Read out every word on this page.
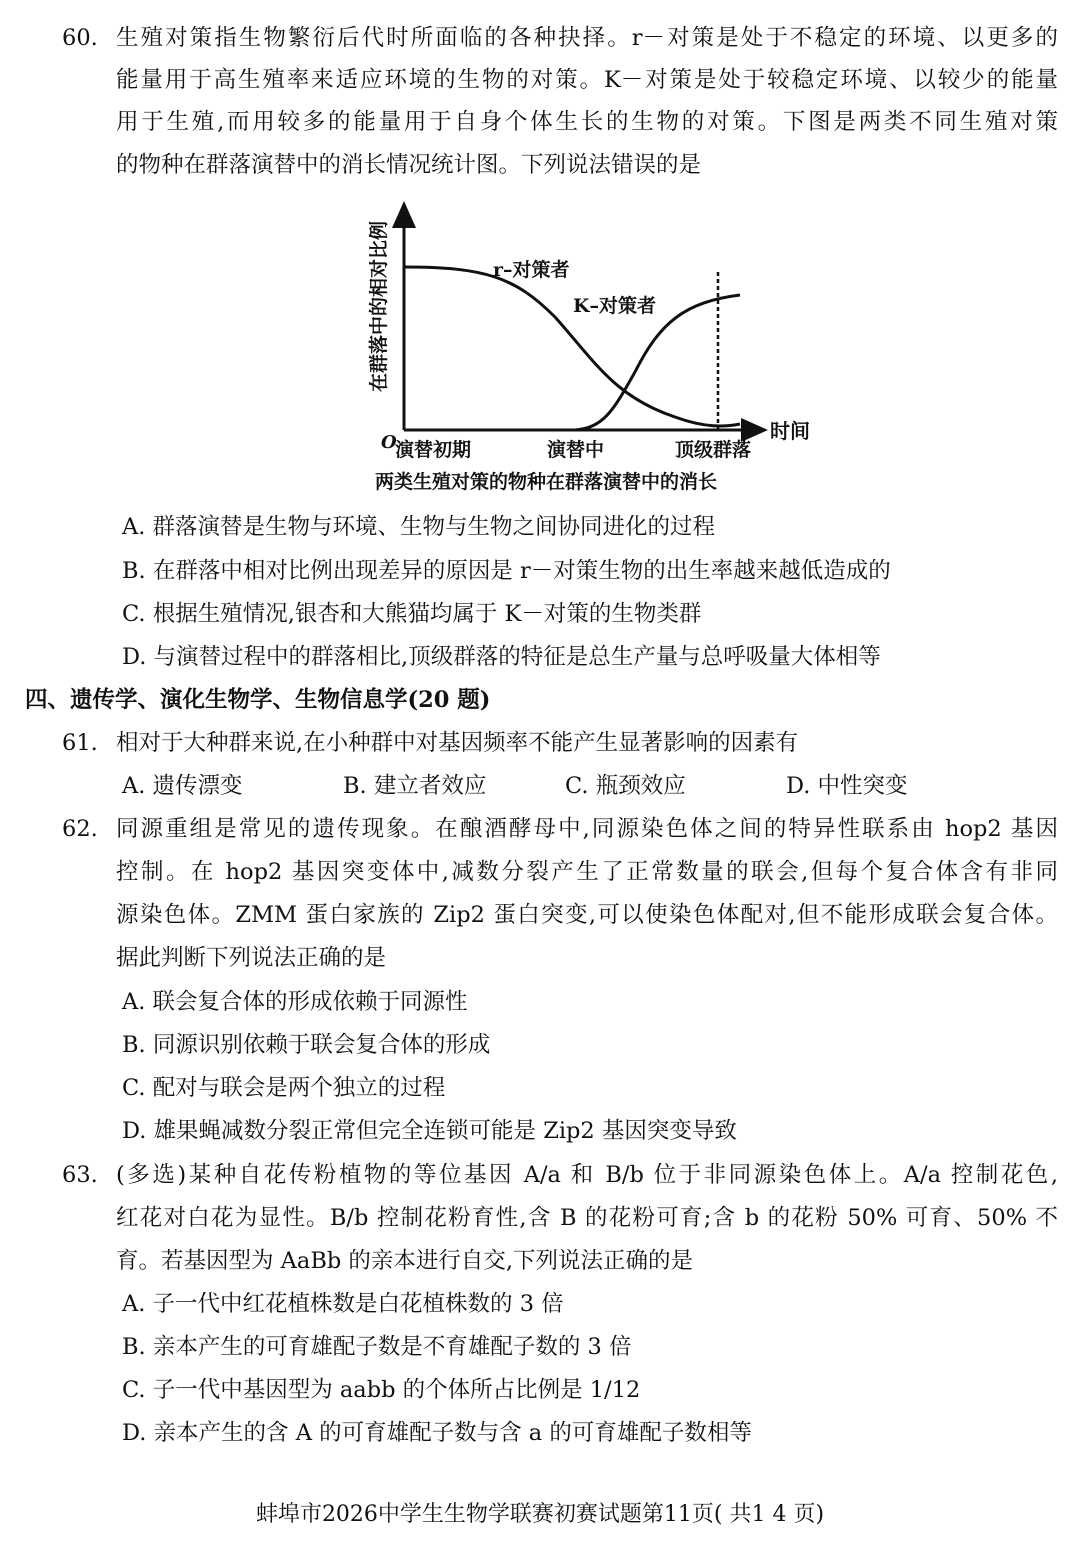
60. 生殖对策指生物繁衍后代时所面临的各种抉择。r－对策是处于不稳定的环境、以更多的
能量用于高生殖率来适应环境的生物的对策。K－对策是处于较稳定环境、以较少的能量
用于生殖,而用较多的能量用于自身个体生长的生物的对策。下图是两类不同生殖对策
的物种在群落演替中的消长情况统计图。下列说法错误的是
在群落中的相对比例	r–对策者
K–对策者
时间
O
演替初期	演替中	顶级群落
两类生殖对策的物种在群落演替中的消长
A. 群落演替是生物与环境、生物与生物之间协同进化的过程
B. 在群落中相对比例出现差异的原因是 r－对策生物的出生率越来越低造成的
C. 根据生殖情况,银杏和大熊猫均属于 K－对策的生物类群
D. 与演替过程中的群落相比,顶级群落的特征是总生产量与总呼吸量大体相等
四、遗传学、演化生物学、生物信息学(20 题)
61. 相对于大种群来说,在小种群中对基因频率不能产生显著影响的因素有
A. 遗传漂变	B. 建立者效应	C. 瓶颈效应	D. 中性突变
62. 同源重组是常见的遗传现象。在酿酒酵母中,同源染色体之间的特异性联系由 hop2 基因
控制。在 hop2 基因突变体中,减数分裂产生了正常数量的联会,但每个复合体含有非同
源染色体。ZMM 蛋白家族的 Zip2 蛋白突变,可以使染色体配对,但不能形成联会复合体。
据此判断下列说法正确的是
A. 联会复合体的形成依赖于同源性
B. 同源识别依赖于联会复合体的形成
C. 配对与联会是两个独立的过程
D. 雄果蝇减数分裂正常但完全连锁可能是 Zip2 基因突变导致
63. (多选)某种自花传粉植物的等位基因 A/a 和 B/b 位于非同源染色体上。A/a 控制花色,
红花对白花为显性。B/b 控制花粉育性,含 B 的花粉可育;含 b 的花粉 50% 可育、50% 不
育。若基因型为 AaBb 的亲本进行自交,下列说法正确的是
A. 子一代中红花植株数是白花植株数的 3 倍
B. 亲本产生的可育雄配子数是不育雄配子数的 3 倍
C. 子一代中基因型为 aabb 的个体所占比例是 1/12
D. 亲本产生的含 A 的可育雄配子数与含 a 的可育雄配子数相等
蚌埠市2026中学生生物学联赛初赛试题第11页( 共1 4 页)
